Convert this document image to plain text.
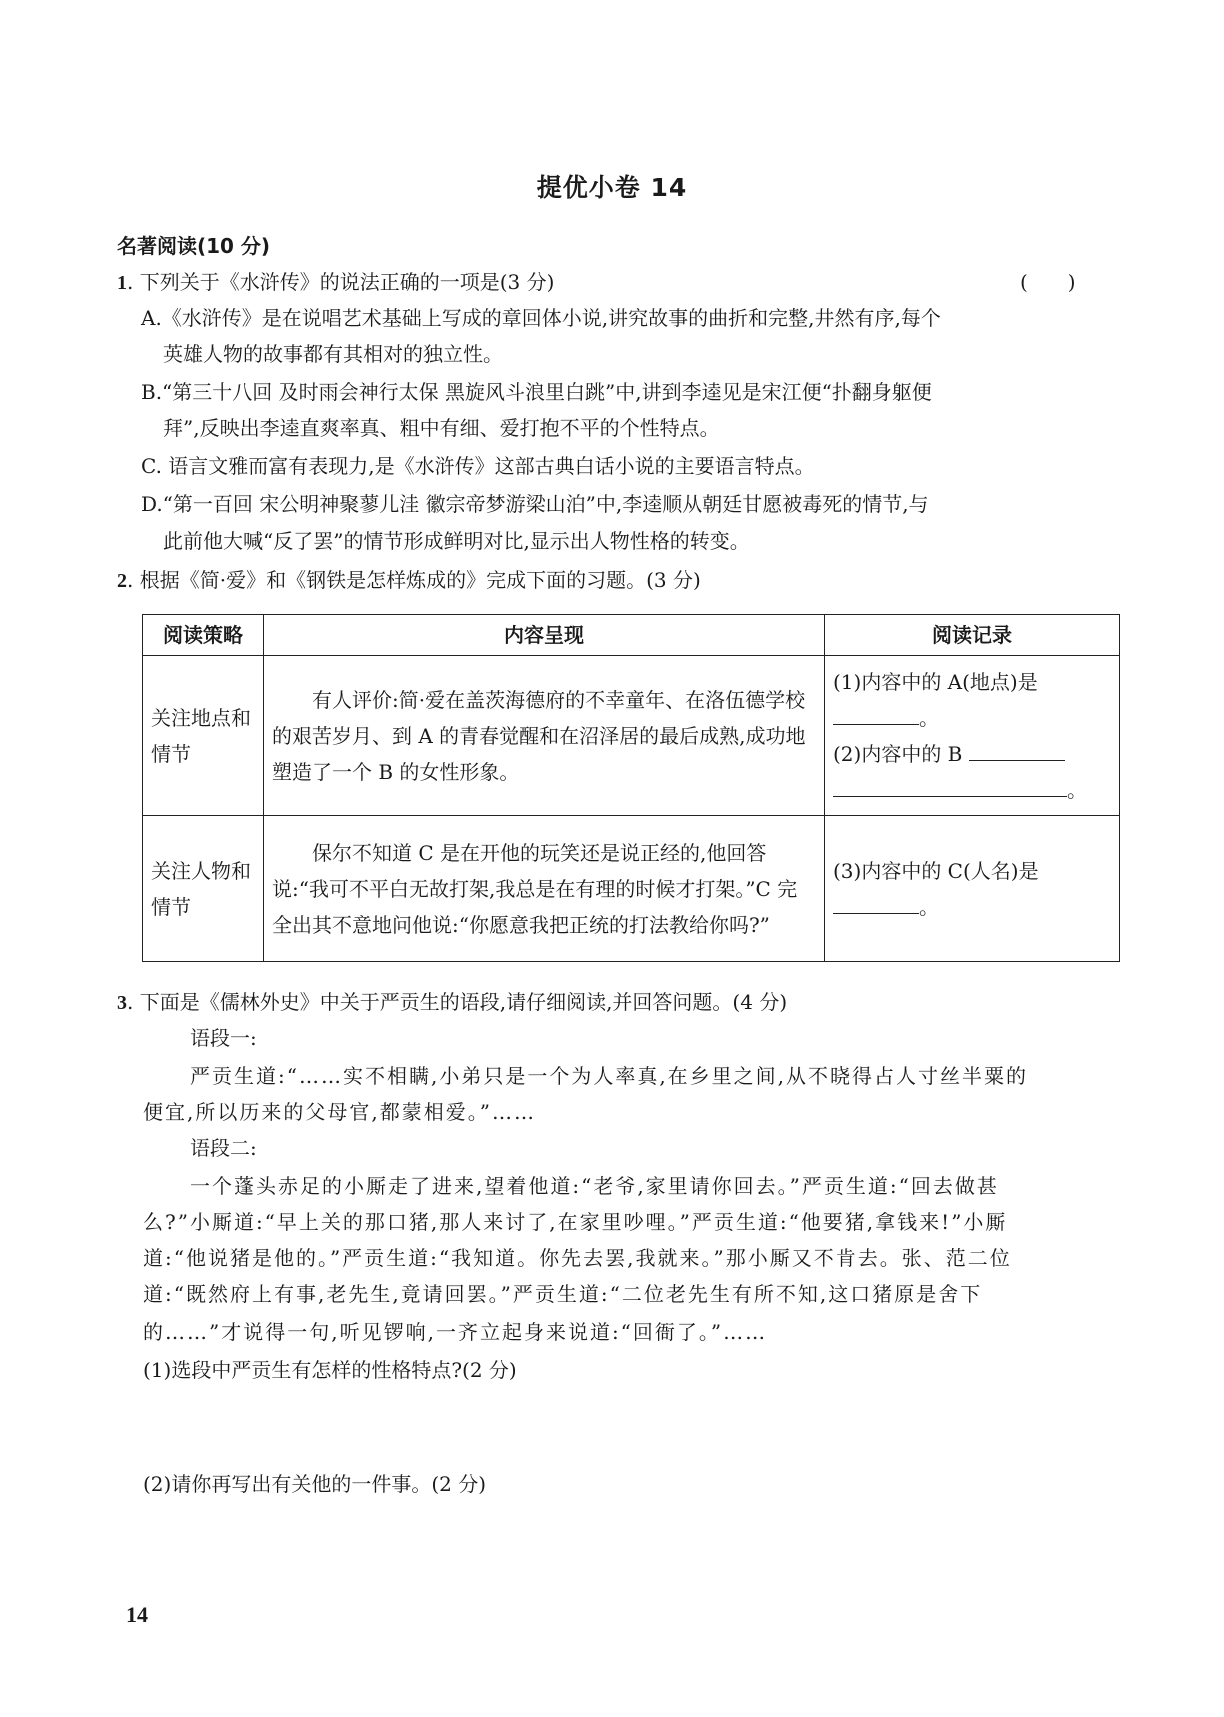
提优小卷 14
名著阅读(10 分)
1. 下列关于《水浒传》的说法正确的一项是(3 分)	(　　)
A.《水浒传》是在说唱艺术基础上写成的章回体小说,讲究故事的曲折和完整,井然有序,每个
英雄人物的故事都有其相对的独立性。
B.“第三十八回 及时雨会神行太保 黑旋风斗浪里白跳”中,讲到李逵见是宋江便“扑翻身躯便
拜”,反映出李逵直爽率真、粗中有细、爱打抱不平的个性特点。
C. 语言文雅而富有表现力,是《水浒传》这部古典白话小说的主要语言特点。
D.“第一百回 宋公明神聚蓼儿洼 徽宗帝梦游梁山泊”中,李逵顺从朝廷甘愿被毒死的情节,与
此前他大喊“反了罢”的情节形成鲜明对比,显示出人物性格的转变。
2. 根据《简·爱》和《钢铁是怎样炼成的》完成下面的习题。(3 分)
阅读策略	内容呈现	阅读记录
关注地点和情节	有人评价:简·爱在盖茨海德府的不幸童年、在洛伍德学校的艰苦岁月、到 A 的青春觉醒和在沼泽居的最后成熟,成功地塑造了一个 B 的女性形象。	(1)内容中的 A(地点)是
。
(2)内容中的 B
。

关注人物和情节	保尔不知道 C 是在开他的玩笑还是说正经的,他回答说:“我可不平白无故打架,我总是在有理的时候才打架。”C 完全出其不意地问他说:“你愿意我把正统的打法教给你吗?”	(3)内容中的 C(人名)是
。
3. 下面是《儒林外史》中关于严贡生的语段,请仔细阅读,并回答问题。(4 分)
语段一:
严贡生道:“……实不相瞒,小弟只是一个为人率真,在乡里之间,从不晓得占人寸丝半粟的
便宜,所以历来的父母官,都蒙相爱。”……
语段二:
一个蓬头赤足的小厮走了进来,望着他道:“老爷,家里请你回去。”严贡生道:“回去做甚
么?”小厮道:“早上关的那口猪,那人来讨了,在家里吵哩。”严贡生道:“他要猪,拿钱来!”小厮
道:“他说猪是他的。”严贡生道:“我知道。你先去罢,我就来。”那小厮又不肯去。张、范二位
道:“既然府上有事,老先生,竟请回罢。”严贡生道:“二位老先生有所不知,这口猪原是舍下
的……”才说得一句,听见锣响,一齐立起身来说道:“回衙了。”……
(1)选段中严贡生有怎样的性格特点?(2 分)
(2)请你再写出有关他的一件事。(2 分)
14
